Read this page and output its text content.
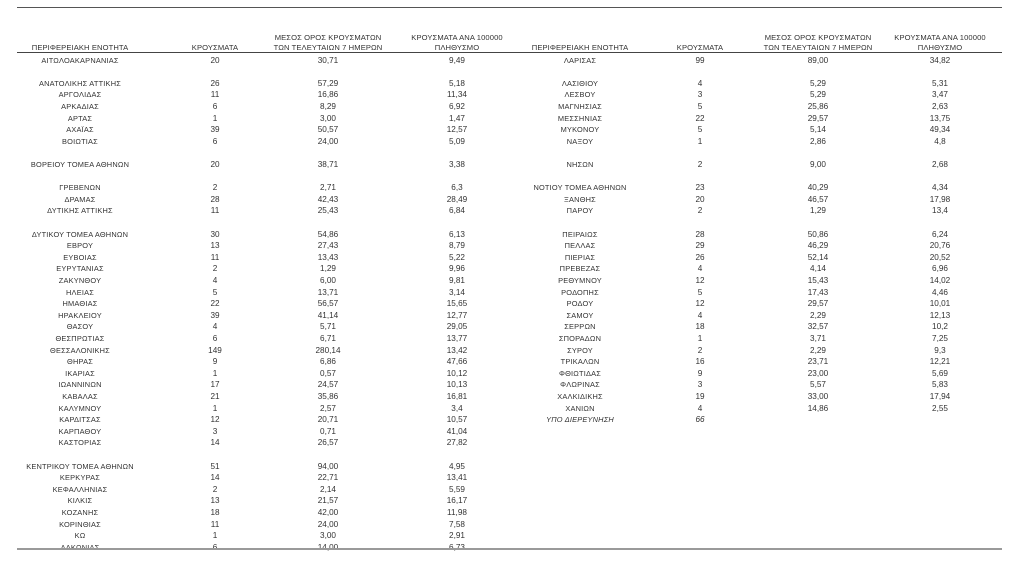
ΠΕΡΙΦΕΡΕΙΑΚΗ ΕΝΟΤΗΤΑ	ΚΡΟΥΣΜΑΤΑ
ΜΕΣΟΣ ΟΡΟΣ ΚΡΟΥΣΜΑΤΩΝ
ΤΩΝ ΤΕΛΕΥΤΑΙΩΝ 7 ΗΜΕΡΩΝ
ΚΡΟΥΣΜΑΤΑ ΑΝΑ 100000
ΠΛΗΘΥΣΜΟ
ΑΙΤΩΛΟΑΚΑΡΝΑΝΙΑΣ	20	30,71	9,49
ΑΝΑΤΟΛΙΚΗΣ ΑΤΤΙΚΗΣ	26	57,29	5,18
ΑΡΓΟΛΙΔΑΣ	11	16,86	11,34
ΑΡΚΑΔΙΑΣ	6	8,29	6,92
ΑΡΤΑΣ	1	3,00	1,47
ΑΧΑΪΑΣ	39	50,57	12,57
ΒΟΙΩΤΙΑΣ	6	24,00	5,09
ΒΟΡΕΙΟΥ ΤΟΜΕΑ ΑΘΗΝΩΝ	20	38,71	3,38
ΓΡΕΒΕΝΩΝ	2	2,71	6,3
ΔΡΑΜΑΣ	28	42,43	28,49
ΔΥΤΙΚΗΣ ΑΤΤΙΚΗΣ	11	25,43	6,84
ΔΥΤΙΚΟΥ ΤΟΜΕΑ ΑΘΗΝΩΝ	30	54,86	6,13
ΕΒΡΟΥ	13	27,43	8,79
ΕΥΒΟΙΑΣ	11	13,43	5,22
ΕΥΡΥΤΑΝΙΑΣ	2	1,29	9,96
ΖΑΚΥΝΘΟΥ	4	6,00	9,81
ΗΛΕΙΑΣ	5	13,71	3,14
ΗΜΑΘΙΑΣ	22	56,57	15,65
ΗΡΑΚΛΕΙΟΥ	39	41,14	12,77
ΘΑΣΟΥ	4	5,71	29,05
ΘΕΣΠΡΩΤΙΑΣ	6	6,71	13,77
ΘΕΣΣΑΛΟΝΙΚΗΣ	149	280,14	13,42
ΘΗΡΑΣ	9	6,86	47,66
ΙΚΑΡΙΑΣ	1	0,57	10,12
ΙΩΑΝΝΙΝΩΝ	17	24,57	10,13
ΚΑΒΑΛΑΣ	21	35,86	16,81
ΚΑΛΥΜΝΟΥ	1	2,57	3,4
ΚΑΡΔΙΤΣΑΣ	12	20,71	10,57
ΚΑΡΠΑΘΟΥ	3	0,71	41,04
ΚΑΣΤΟΡΙΑΣ	14	26,57	27,82
ΚΕΝΤΡΙΚΟΥ ΤΟΜΕΑ ΑΘΗΝΩΝ	51	94,00	4,95
ΚΕΡΚΥΡΑΣ	14	22,71	13,41
ΚΕΦΑΛΛΗΝΙΑΣ	2	2,14	5,59
ΚΙΛΚΙΣ	13	21,57	16,17
ΚΟΖΑΝΗΣ	18	42,00	11,98
ΚΟΡΙΝΘΙΑΣ	11	24,00	7,58
ΚΩ	1	3,00	2,91
ΠΕΡΙΦΕΡΕΙΑΚΗ ΕΝΟΤΗΤΑ	ΚΡΟΥΣΜΑΤΑ
ΜΕΣΟΣ ΟΡΟΣ ΚΡΟΥΣΜΑΤΩΝ
ΤΩΝ ΤΕΛΕΥΤΑΙΩΝ 7 ΗΜΕΡΩΝ
ΚΡΟΥΣΜΑΤΑ ΑΝΑ 100000
ΠΛΗΘΥΣΜΟ
ΛΑΡΙΣΑΣ	99	89,00	34,82
ΛΑΣΙΘΙΟΥ	4	5,29	5,31
ΛΕΣΒΟΥ	3	5,29	3,47
ΜΑΓΝΗΣΙΑΣ	5	25,86	2,63
ΜΕΣΣΗΝΙΑΣ	22	29,57	13,75
ΜΥΚΟΝΟΥ	5	5,14	49,34
ΝΑΞΟΥ	1	2,86	4,8
ΝΗΣΩΝ	2	9,00	2,68
ΝΟΤΙΟΥ ΤΟΜΕΑ ΑΘΗΝΩΝ	23	40,29	4,34
ΞΑΝΘΗΣ	20	46,57	17,98
ΠΑΡΟΥ	2	1,29	13,4
ΠΕΙΡΑΙΩΣ	28	50,86	6,24
ΠΕΛΛΑΣ	29	46,29	20,76
ΠΙΕΡΙΑΣ	26	52,14	20,52
ΠΡΕΒΕΖΑΣ	4	4,14	6,96
ΡΕΘΥΜΝΟΥ	12	15,43	14,02
ΡΟΔΟΠΗΣ	5	17,43	4,46
ΡΟΔΟΥ	12	29,57	10,01
ΣΑΜΟΥ	4	2,29	12,13
ΣΕΡΡΩΝ	18	32,57	10,2
ΣΠΟΡΑΔΩΝ	1	3,71	7,25
ΣΥΡΟΥ	2	2,29	9,3
ΤΡΙΚΑΛΩΝ	16	23,71	12,21
ΦΘΙΩΤΙΔΑΣ	9	23,00	5,69
ΦΛΩΡΙΝΑΣ	3	5,57	5,83
ΧΑΛΚΙΔΙΚΗΣ	19	33,00	17,94
ΧΑΝΙΩΝ	4	14,86	2,55
ΥΠΟ ΔΙΕΡΕΥΝΗΣΗ	66
